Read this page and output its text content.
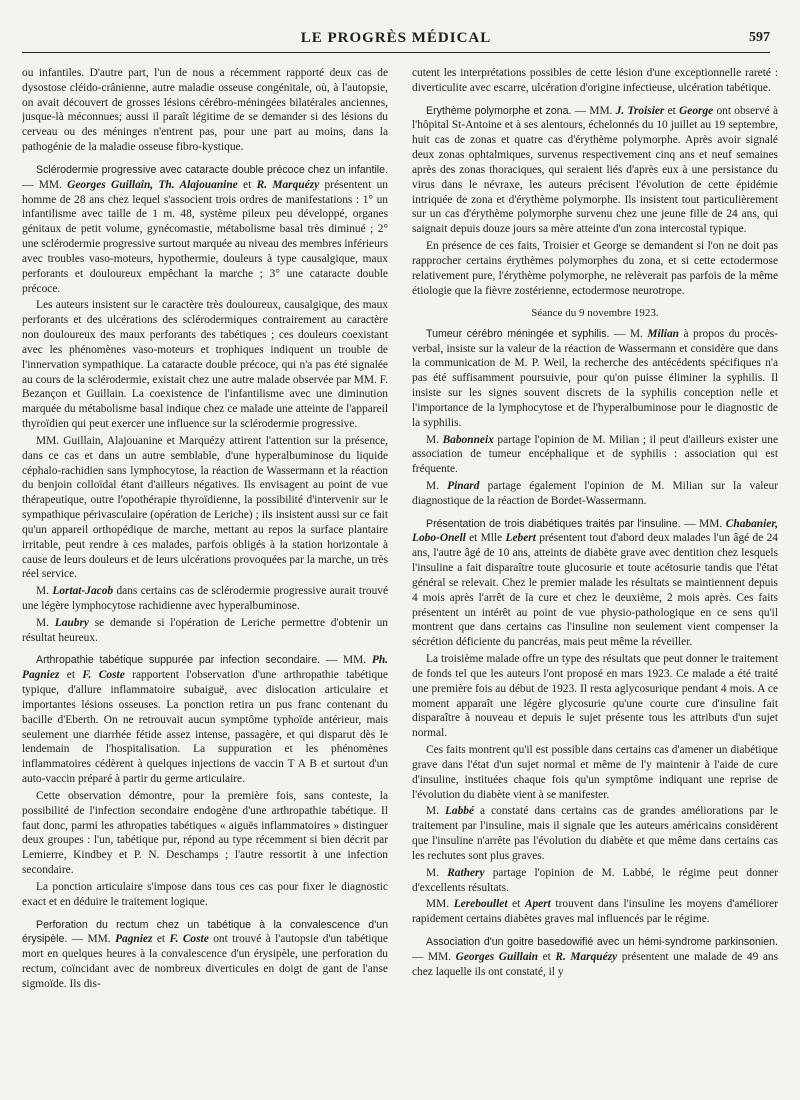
LE PROGRÈS MÉDICAL	597

ou infantiles. D'autre part, l'un de nous a récemment rapporté deux cas de dysostose cléido-crânienne, autre maladie osseuse congénitale, où, à l'autopsie, on avait découvert de grosses lésions cérébro-méningées bilatérales anciennes, jusque-là méconnues; aussi il paraît légitime de se demander si des lésions du cerveau ou des méninges n'entrent pas, pour une part au moins, dans la pathogénie de la maladie osseuse fibro-kystique.

Sclérodermie progressive avec cataracte double précoce chez un infantile. — MM. Georges Guillain, Th. Alajouanine et R. Marquézy présentent un homme de 28 ans chez lequel s'associent trois ordres de manifestations : 1° un infantilisme avec taille de 1 m. 48, système pileux peu développé, organes génitaux de petit volume, gynécomastie, métabolisme basal très diminué ; 2° une sclérodermie progressive surtout marquée au niveau des membres inférieurs avec troubles vaso-moteurs, hypothermie, douleurs à type causalgique, maux perforants et douloureux empêchant la marche ; 3° une cataracte double précoce.

Les auteurs insistent sur le caractère très douloureux, causalgique, des maux perforants et des ulcérations des sclérodermiques contrairement au caractère non douloureux des maux perforants des tabétiques ; ces douleurs coexistant avec les phénomènes vaso-moteurs et trophiques indiquent un trouble de l'innervation sympathique. La cataracte double précoce, qui n'a pas été signalée au cours de la sclérodermie, existait chez une autre malade observée par MM. F. Bezançon et Guillain. La coexistence de l'infantilisme avec une diminution marquée du métabolisme basal indique chez ce malade une atteinte de l'appareil thyroïdien qui peut exercer une influence sur la sclérodermie progressive.

MM. Guillain, Alajouanine et Marquézy attirent l'attention sur la présence, dans ce cas et dans un autre semblable, d'une hyperalbuminose du liquide céphalo-rachidien sans lymphocytose, la réaction de Wassermann et la réaction du benjoin colloïdal étant d'ailleurs négatives. Ils envisagent au point de vue thérapeutique, outre l'opothérapie thyroïdienne, la possibilité d'intervenir sur le sympathique périvasculaire (opération de Leriche) ; ils insistent aussi sur ce fait qu'un appareil orthopédique de marche, mettant au repos la surface plantaire irritable, peut rendre à ces malades, parfois obligés à la station horizontale à cause de leurs douleurs et de leurs ulcérations provoquées par la marche, un très réel service.

M. Lortat-Jacob dans certains cas de sclérodermie progressive aurait trouvé une légère lymphocytose rachidienne avec hyperalbuminose.

M. Laubry se demande si l'opération de Leriche permettre d'obtenir un résultat heureux.

Arthropathie tabétique suppurée par infection secondaire. — MM. Ph. Pagniez et F. Coste rapportent l'observation d'une arthropathie tabétique typique, d'allure inflammatoire subaiguë, avec dislocation articulaire et importantes lésions osseuses. La ponction retira un pus franc contenant du bacille d'Eberth. On ne retrouvait aucun symptôme typhoïde antérieur, mais seulement une diarrhée fétide assez intense, passagère, et qui disparut dès le lendemain de l'hospitalisation. La suppuration et les phénomènes inflammatoires cédèrent à quelques injections de vaccin T A B et surtout d'un auto-vaccin préparé à partir du germe articulaire.

Cette observation démontre, pour la première fois, sans conteste, la possibilité de l'infection secondaire endogène d'une arthropathie tabétique. Il faut donc, parmi les athropaties tabétiques « aiguës inflammatoires » distinguer deux groupes : l'un, tabétique pur, répond au type récemment si bien décrit par Lemierre, Kindbey et P. N. Deschamps ; l'autre ressortit à une infection secondaire.

La ponction articulaire s'impose dans tous ces cas pour fixer le diagnostic exact et en déduire le traitement logique.

Perforation du rectum chez un tabétique à la convalescence d'un érysipèle. — MM. Pagniez et F. Coste ont trouvé à l'autopsie d'un tabétique mort en quelques heures à la convalescence d'un érysipèle, une perforation du rectum, coïncidant avec de nombreux diverticules en doigt de gant de l'anse sigmoïde. Ils dis-

cutent les interprétations possibles de cette lésion d'une exceptionnelle rareté : diverticulite avec escarre, ulcération d'origine infectieuse, ulcération tabétique.

Erythème polymorphe et zona. — MM. J. Troisier et George ont observé à l'hôpital St-Antoine et à ses alentours, échelonnés du 10 juillet au 19 septembre, huit cas de zonas et quatre cas d'érythème polymorphe. Après avoir signalé deux zonas ophtalmiques, survenus respectivement cinq ans et neuf semaines après des zonas thoraciques, qui seraient liés d'après eux à une persistance du virus dans le névraxe, les auteurs précisent l'évolution de cette épidémie intriquée de zona et d'érythème polymorphe. Ils insistent tout particulièrement sur un cas d'érythème polymorphe survenu chez une jeune fille de 24 ans, qui saignait depuis douze jours sa mère atteinte d'un zona intercostal typique.

En présence de ces faits, Troisier et George se demandent si l'on ne doit pas rapprocher certains érythèmes polymorphes du zona, et si cette ectodermose relativement pure, l'érythème polymorphe, ne relèverait pas parfois de la même étiologie que la fièvre zostérienne, ectodermose neurotrope.

Séance du 9 novembre 1923.

Tumeur cérébro méningée et syphilis. — M. Milian à propos du procès-verbal, insiste sur la valeur de la réaction de Wassermann et considère que dans la communication de M. P. Weil, la recherche des antécédents spécifiques n'a pas été suffisamment poursuivie, pour qu'on puisse éliminer la syphilis. Il insiste sur les signes souvent discrets de la syphilis conception nelle et l'importance de la lymphocytose et de l'hyperalbuminose pour le diagnostic de la syphilis.

M. Babonneix partage l'opinion de M. Milian ; il peut d'ailleurs exister une association de tumeur encéphalique et de syphilis : association qui est fréquente.

M. Pinard partage également l'opinion de M. Milian sur la valeur diagnostique de la réaction de Bordet-Wassermann.

Présentation de trois diabétiques traités par l'insuline. — MM. Chabanier, Lobo-Onell et Mlle Lebert présentent tout d'abord deux malades l'un âgé de 24 ans, l'autre âgé de 10 ans, atteints de diabète grave avec dentition chez lesquels l'insuline a fait disparaître toute glucosurie et toute acétosurie tandis que l'état général se relevait. Chez le premier malade les résultats se maintiennent depuis 4 mois après l'arrêt de la cure et chez le deuxième, 2 mois après. Ces faits présentent un intérêt au point de vue physio-pathologique en ce sens qu'il montrent que dans certains cas l'insuline non seulement vient compenser la sécrétion déficiente du pancréas, mais peut même la réveiller.

La troisième malade offre un type des résultats que peut donner le traitement de fonds tel que les auteurs l'ont proposé en mars 1923. Ce malade a été traité une première fois au début de 1923. Il resta aglycosurique pendant 4 mois. A ce moment apparaît une légère glycosurie qu'une courte cure d'insuline fait disparaître à nouveau et depuis le sujet présente tous les attributs d'un sujet normal.

Ces faits montrent qu'il est possible dans certains cas d'amener un diabétique grave dans l'état d'un sujet normal et même de l'y maintenir à l'aide de cure d'insuline, instituées chaque fois qu'un symptôme indiquant une reprise de l'évolution du diabète vient à se manifester.

M. Labbé a constaté dans certains cas de grandes améliorations par le traitement par l'insuline, mais il signale que les auteurs américains considèrent que l'insuline n'arrête pas l'évolution du diabète et que même dans certains cas les rechutes sont plus graves.

M. Rathery partage l'opinion de M. Labbé, le régime peut donner d'excellents résultats.

MM. Lereboullet et Apert trouvent dans l'insuline les moyens d'améliorer rapidement certains diabètes graves mal influencés par le régime.

Association d'un goitre basedowifié avec un hémi-syndrome parkinsonien. — MM. Georges Guillain et R. Marquézy présentent une malade de 49 ans chez laquelle ils ont constaté, il y
